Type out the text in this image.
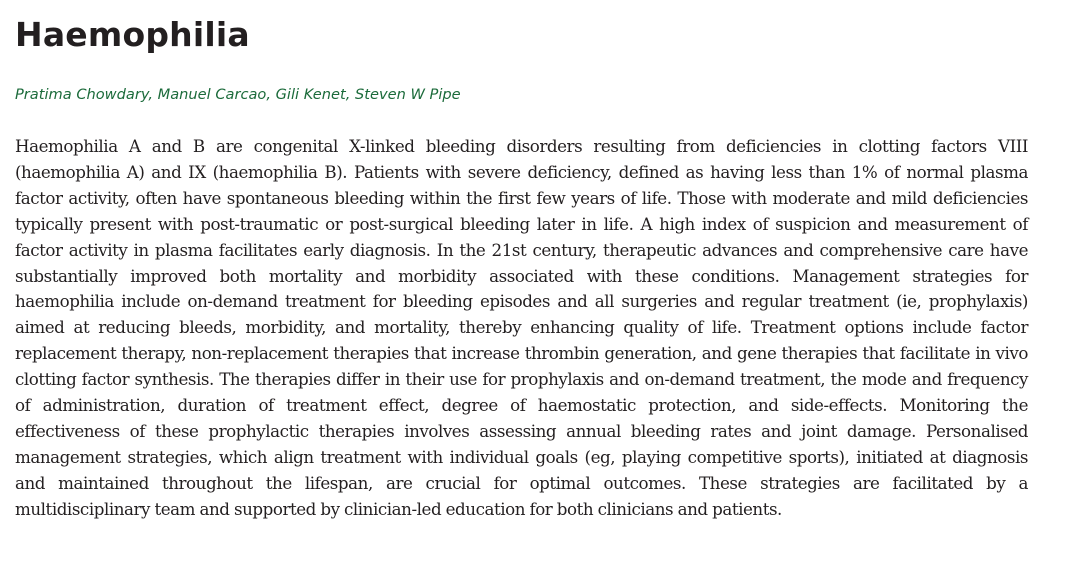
Haemophilia

Pratima Chowdary, Manuel Carcao, Gili Kenet, Steven W Pipe

Haemophilia A and B are congenital X-linked bleeding disorders resulting from deficiencies in clotting factors VIII (haemophilia A) and IX (haemophilia B). Patients with severe deficiency, defined as having less than 1% of normal plasma factor activity, often have spontaneous bleeding within the first few years of life. Those with moderate and mild deficiencies typically present with post-traumatic or post-surgical bleeding later in life. A high index of suspicion and measurement of factor activity in plasma facilitates early diagnosis. In the 21st century, therapeutic advances and comprehensive care have substantially improved both mortality and morbidity associated with these conditions. Management strategies for haemophilia include on-demand treatment for bleeding episodes and all surgeries and regular treatment (ie, prophylaxis) aimed at reducing bleeds, morbidity, and mortality, thereby enhancing quality of life. Treatment options include factor replacement therapy, non-replacement therapies that increase thrombin generation, and gene therapies that facilitate in vivo clotting factor synthesis. The therapies differ in their use for prophylaxis and on-demand treatment, the mode and frequency of administration, duration of treatment effect, degree of haemostatic protection, and side-effects. Monitoring the effectiveness of these prophylactic therapies involves assessing annual bleeding rates and joint damage. Personalised management strategies, which align treatment with individual goals (eg, playing competitive sports), initiated at diagnosis and maintained throughout the lifespan, are crucial for optimal outcomes. These strategies are facilitated by a multidisciplinary team and supported by clinician-led education for both clinicians and patients.
